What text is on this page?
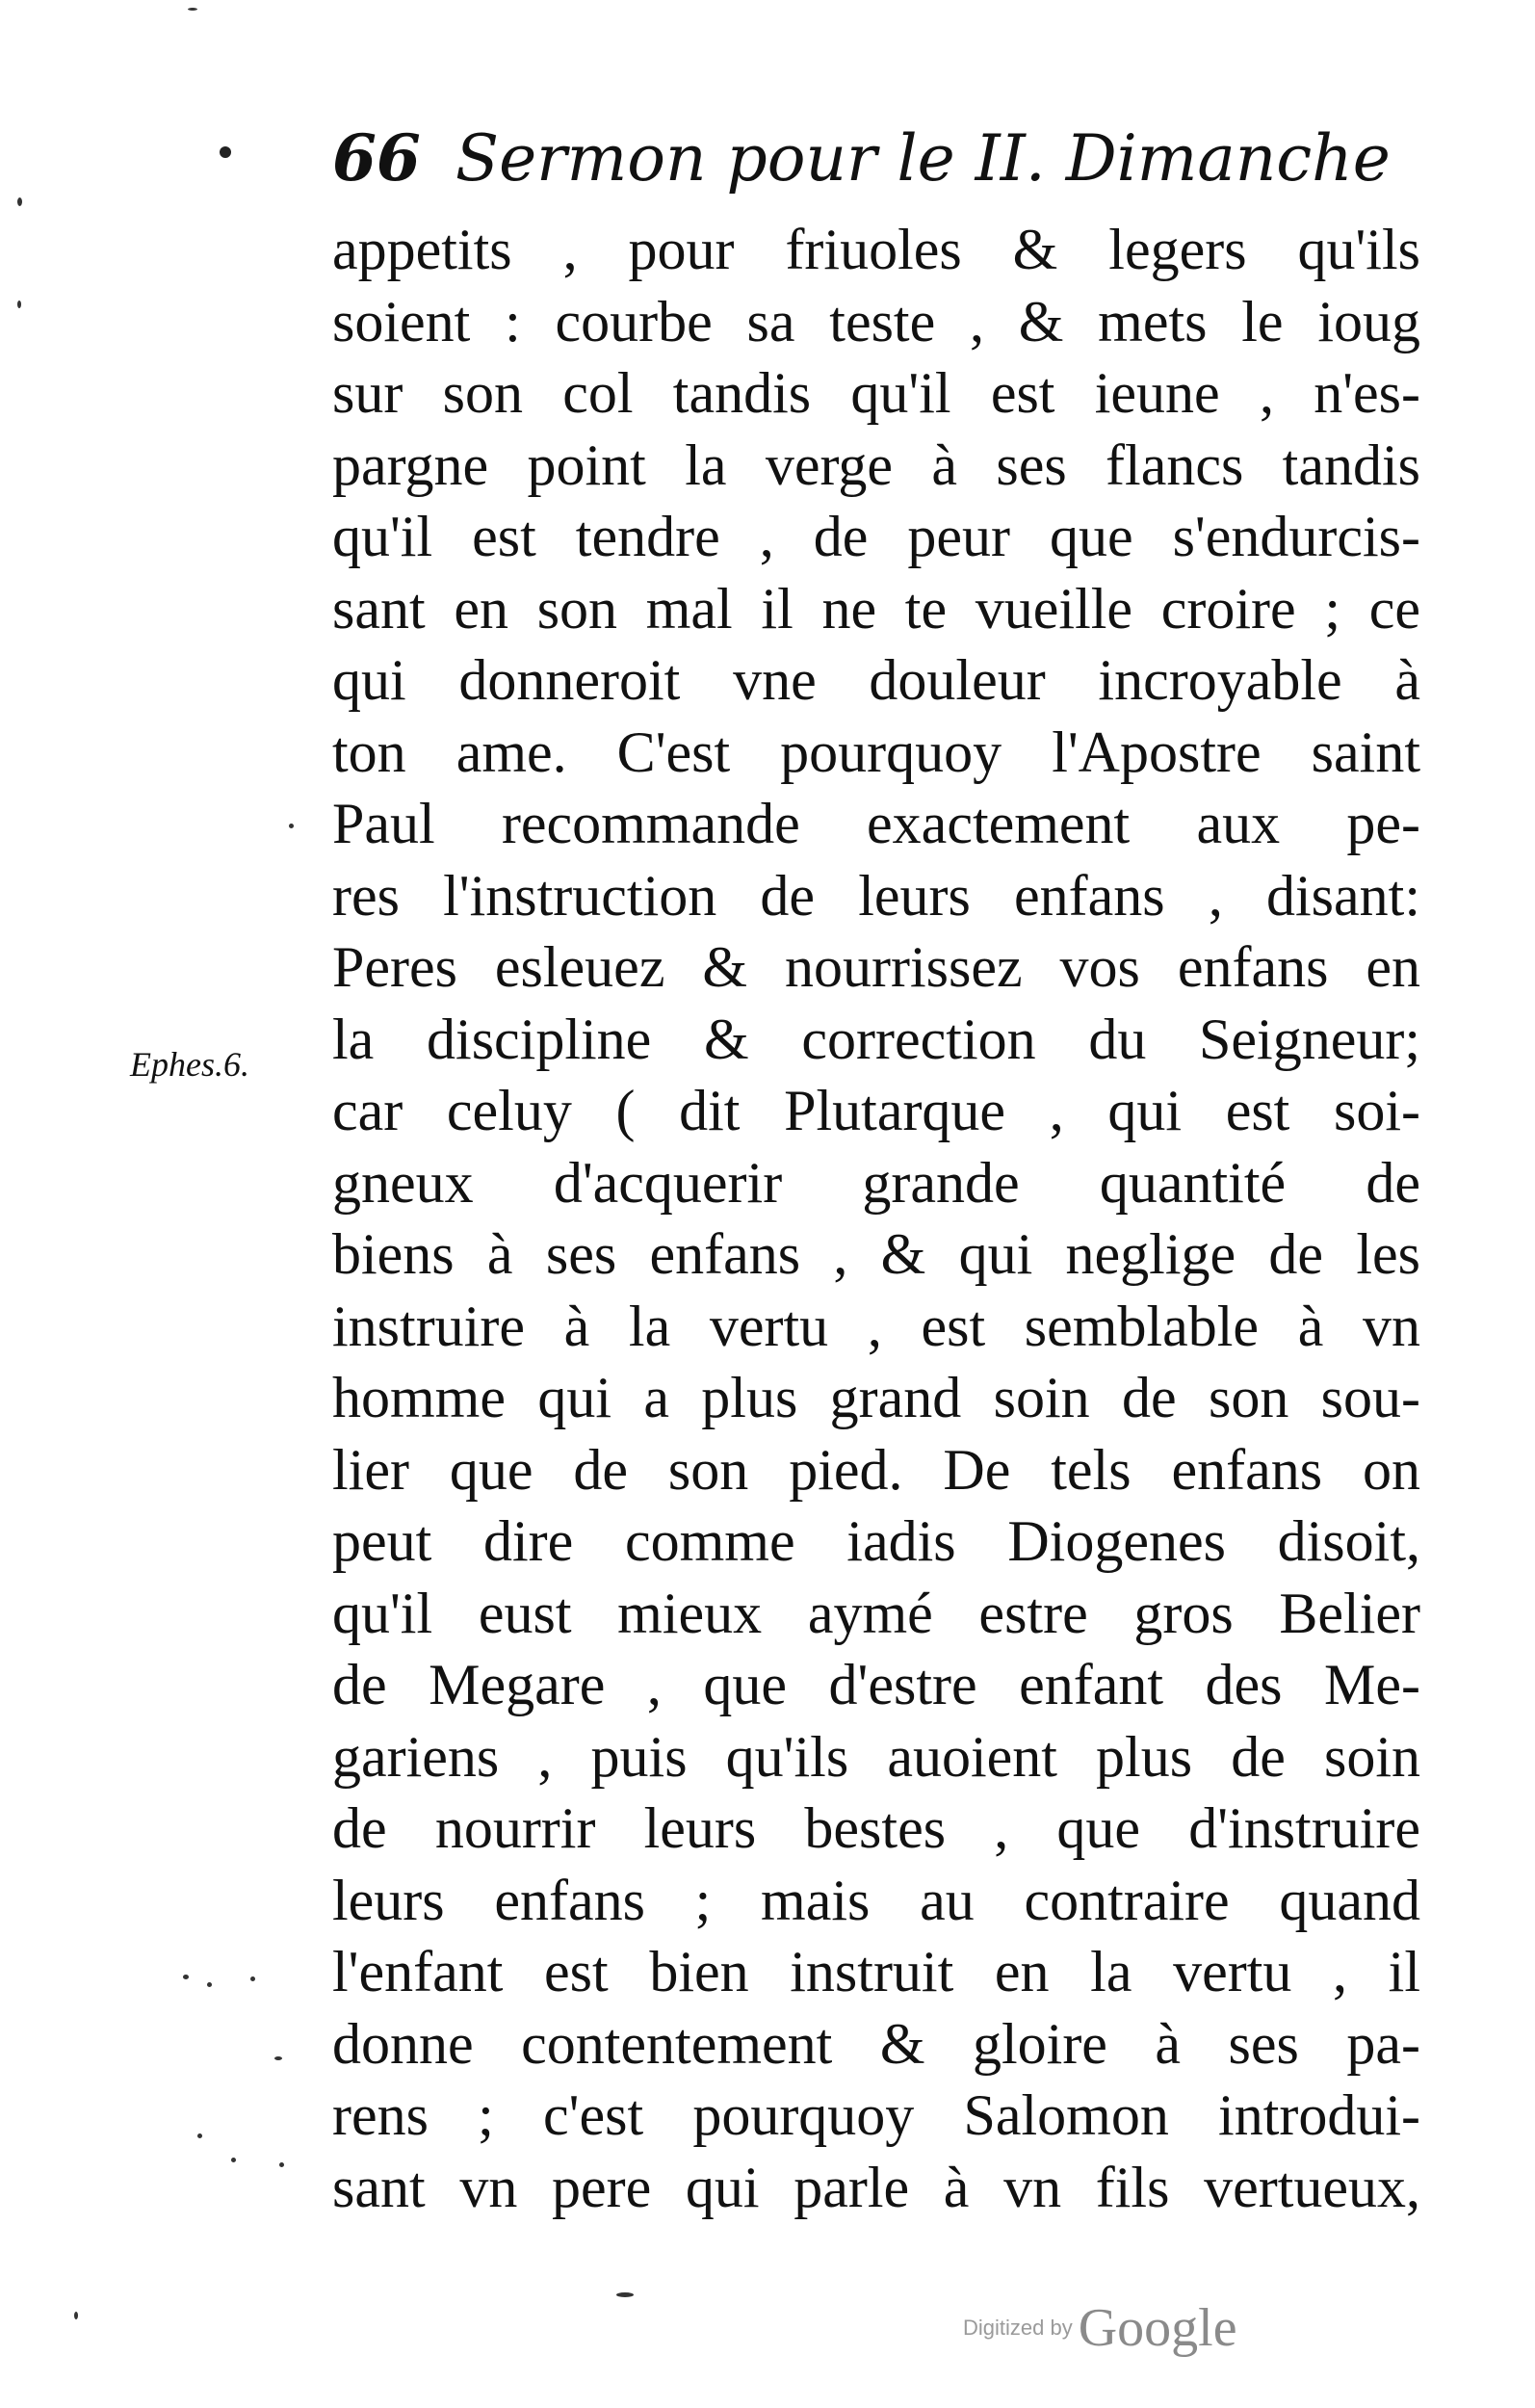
66 Sermon pour le II. Dimanche
Ephes.6.
appetits , pour friuoles & legers qu'ils
soient : courbe sa teste , & mets le ioug
sur son col tandis qu'il est ieune , n'es-
pargne point la verge à ses flancs tandis
qu'il est tendre , de peur que s'endurcis-
sant en son mal il ne te vueille croire ; ce
qui donneroit vne douleur incroyable à
ton ame. C'est pourquoy l'Apostre saint
Paul recommande exactement aux pe-
res l'instruction de leurs enfans , disant:
Peres esleuez & nourrissez vos enfans en
la discipline & correction du Seigneur;
car celuy ( dit Plutarque , qui est soi-
gneux d'acquerir grande quantité de
biens à ses enfans , & qui neglige de les
instruire à la vertu , est semblable à vn
homme qui a plus grand soin de son sou-
lier que de son pied. De tels enfans on
peut dire comme iadis Diogenes disoit,
qu'il eust mieux aymé estre gros Belier
de Megare , que d'estre enfant des Me-
gariens , puis qu'ils auoient plus de soin
de nourrir leurs bestes , que d'instruire
leurs enfans ; mais au contraire quand
l'enfant est bien instruit en la vertu , il
donne contentement & gloire à ses pa-
rens ; c'est pourquoy Salomon introdui-
sant vn pere qui parle à vn fils vertueux,
Digitized by Google
